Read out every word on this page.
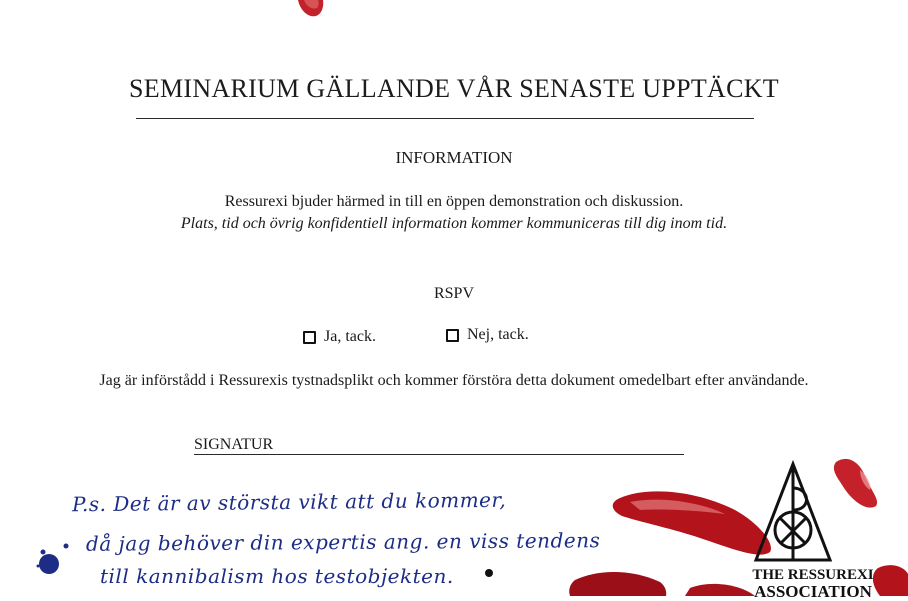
SEMINARIUM GÄLLANDE VÅR SENASTE UPPTÄCKT
INFORMATION
Ressurexi bjuder härmed in till en öppen demonstration och diskussion.
Plats, tid och övrig konfidentiell information kommer kommuniceras till dig inom tid.
RSPV
Ja, tack.	Nej, tack.
Jag är införstådd i Ressurexis tystnadsplikt och kommer förstöra detta dokument omedelbart efter användande.
SIGNATUR
P.s. Det är av största vikt att du kommer,
då jag behöver din expertis ang. en viss tendens
till kannibalism hos testobjekten.	THE RESSUREXI
ASSOCIATION
